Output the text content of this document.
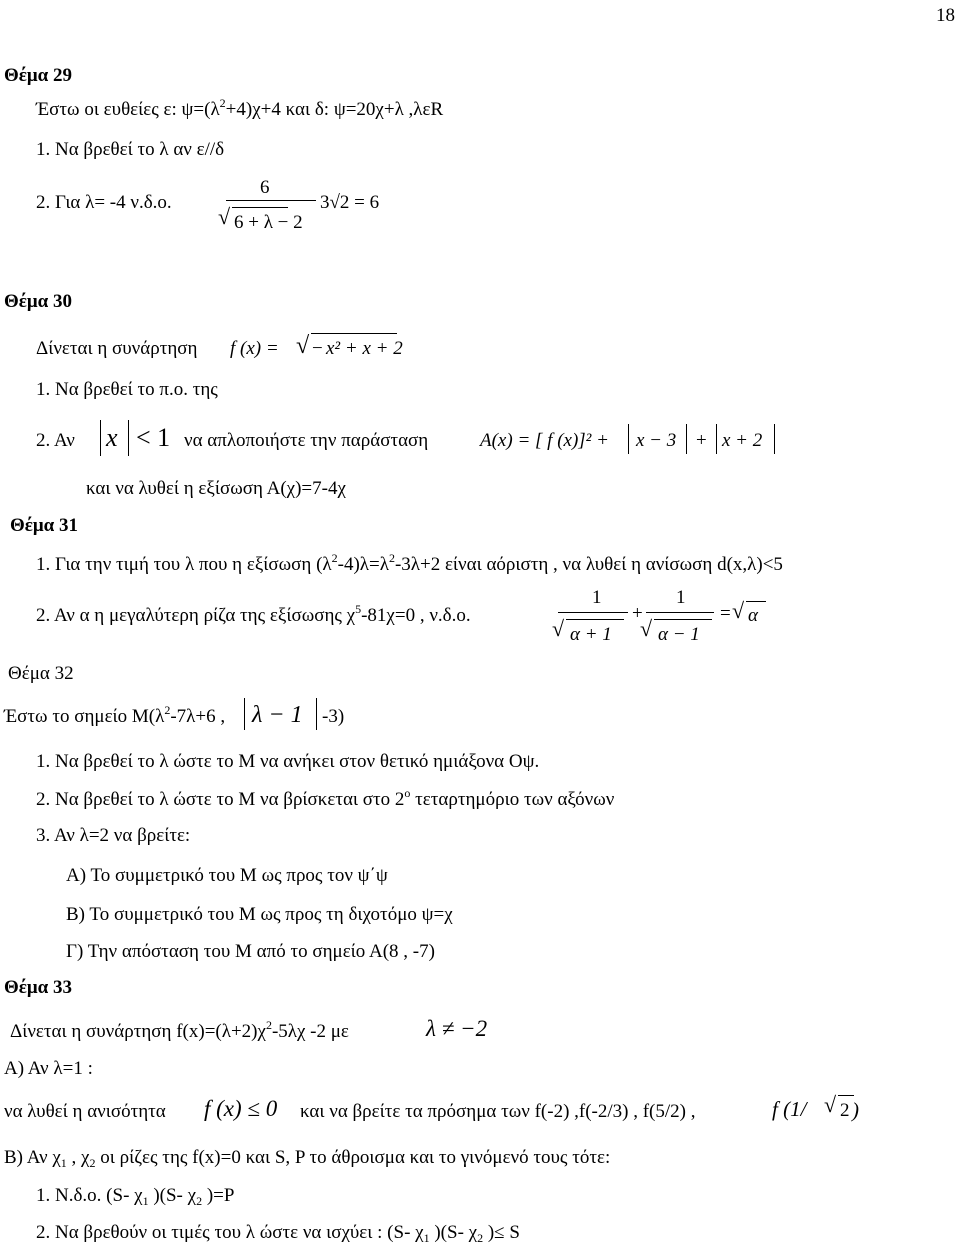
18
Θέμα 29
Έστω οι ευθείες ε: $\psi=(\lambda^2+4)\chi+4$ και δ: ψ=20χ+λ ,λεR
1. Να βρεθεί το λ αν ε//δ
2. Για λ= -4 ν.δ.ο.
6
√ 6 + λ − 2
3√2 = 6
Θέμα 30
Δίνεται η συνάρτηση f (x) = √ − x² + x + 2
1. Να βρεθεί το π.ο. της
2. Αν x < 1 να απλοποιήστε την παράσταση	A(x) = [ f (x)]² + x − 3 + x + 2
και να λυθεί η εξίσωση Α(χ)=7-4χ
Θέμα 31
1. Για την τιμή του λ που η εξίσωση $(\lambda^2-4)\lambda=\lambda^2-3\lambda+2$ είναι αόριστη , να λυθεί η ανίσωση d(x,λ)<5
2. Αν α η μεγαλύτερη ρίζα της εξίσωσης $\chi^5-81\chi=0$ , ν.δ.ο.
1
√ α + 1
+
1
√ α − 1
= √ α
Θέμα 32
Έστω το σημείο $M(\lambda^2-7\lambda+6$ , λ − 1 -3)
1. Να βρεθεί το λ ώστε το Μ να ανήκει στον θετικό ημιάξονα Οψ.
2. Να βρεθεί το λ ώστε το Μ να βρίσκεται στο $2^o$ τεταρτημόριο των αξόνων
3. Αν λ=2 να βρείτε:
Α) Το συμμετρικό του Μ ως προς τον ψ΄ψ
Β) Το συμμετρικό του Μ ως προς τη διχοτόμο ψ=χ
Γ) Την απόσταση του Μ από το σημείο Α(8 , -7)
Θέμα 33
Δίνεται η συνάρτηση $f(x)=(\lambda+2)\chi^2-5\lambda\chi$ -2 με	λ ≠ −2
Α) Αν λ=1 :
να λυθεί η ανισότητα f (x) ≤ 0 και να βρείτε τα πρόσημα των f(-2) ,f(-2/3) , f(5/2) ,	f (1/ √ 2 )
Β) Αν $\chi_1$ , $\chi_2$ οι ρίζες της f(x)=0 και S, P το άθροισμα και το γινόμενό τους τότε:
1. Ν.δ.ο. (S- $\chi_1$ )(S- $\chi_2$ )=P
2. Να βρεθούν οι τιμές του λ ώστε να ισχύει : (S- $\chi_1$ )(S- $\chi_2$ )≤ S
